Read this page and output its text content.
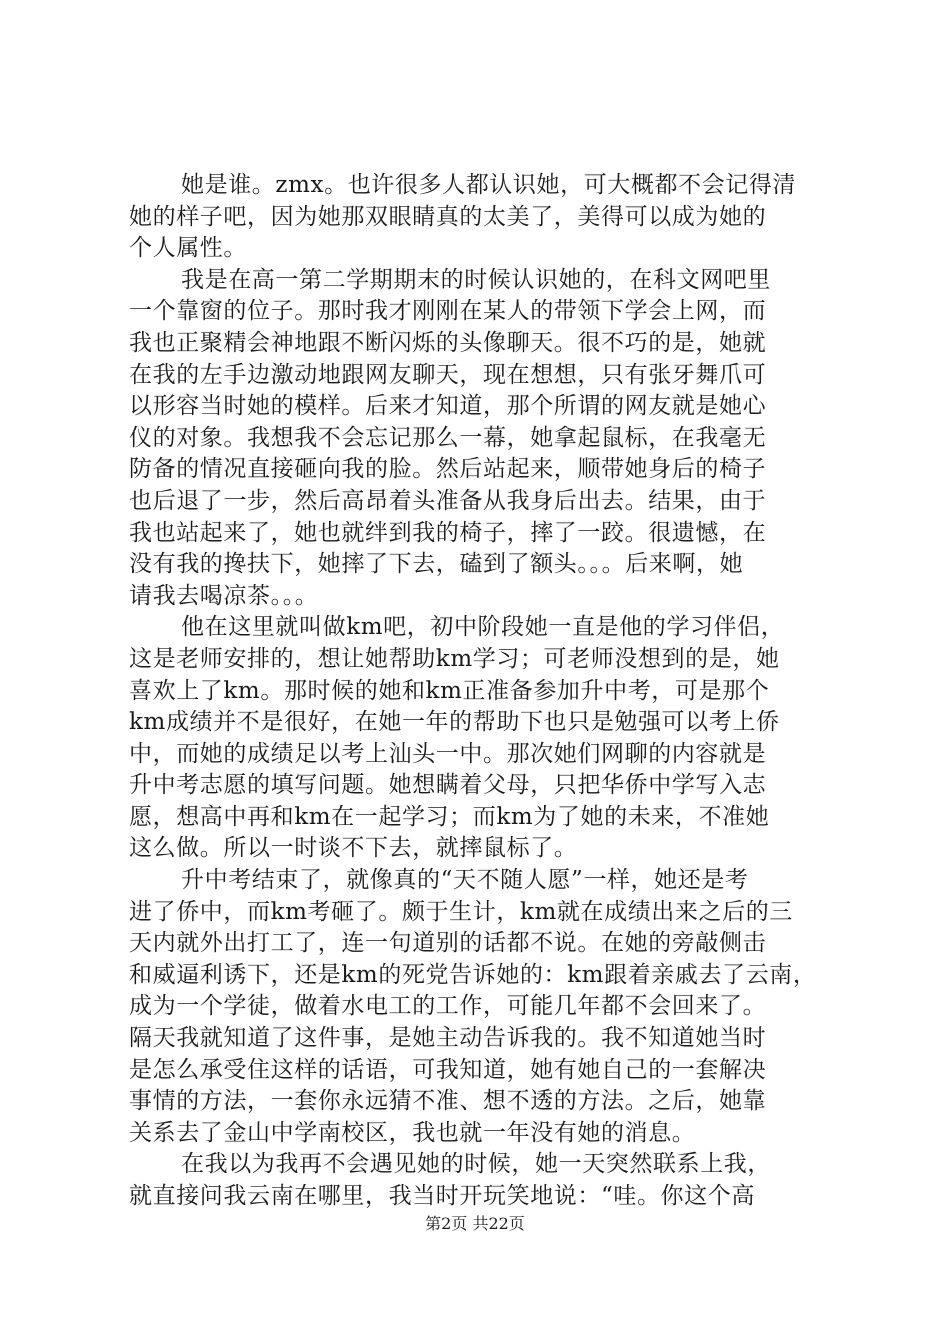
她是谁。zmx。也许很多人都认识她，可大概都不会记得清
她的样子吧，因为她那双眼睛真的太美了，美得可以成为她的
个人属性。
我是在高一第二学期期末的时候认识她的，在科文网吧里
一个靠窗的位子。那时我才刚刚在某人的带领下学会上网，而
我也正聚精会神地跟不断闪烁的头像聊天。很不巧的是，她就
在我的左手边激动地跟网友聊天，现在想想，只有张牙舞爪可
以形容当时她的模样。后来才知道，那个所谓的网友就是她心
仪的对象。我想我不会忘记那么一幕，她拿起鼠标，在我毫无
防备的情况直接砸向我的脸。然后站起来，顺带她身后的椅子
也后退了一步，然后高昂着头准备从我身后出去。结果，由于
我也站起来了，她也就绊到我的椅子，摔了一跤。很遗憾，在
没有我的搀扶下，她摔了下去，磕到了额头。。。后来啊，她
请我去喝凉茶。。。
他在这里就叫做km吧，初中阶段她一直是他的学习伴侣，
这是老师安排的，想让她帮助km学习；可老师没想到的是，她
喜欢上了km。那时候的她和km正准备参加升中考，可是那个
km成绩并不是很好，在她一年的帮助下也只是勉强可以考上侨
中，而她的成绩足以考上汕头一中。那次她们网聊的内容就是
升中考志愿的填写问题。她想瞒着父母，只把华侨中学写入志
愿，想高中再和km在一起学习；而km为了她的未来，不准她
这么做。所以一时谈不下去，就摔鼠标了。
升中考结束了，就像真的“天不随人愿”一样，她还是考
进了侨中，而km考砸了。颇于生计，km就在成绩出来之后的三
天内就外出打工了，连一句道别的话都不说。在她的旁敲侧击
和威逼利诱下，还是km的死党告诉她的：km跟着亲戚去了云南，
成为一个学徒，做着水电工的工作，可能几年都不会回来了。
隔天我就知道了这件事，是她主动告诉我的。我不知道她当时
是怎么承受住这样的话语，可我知道，她有她自己的一套解决
事情的方法，一套你永远猜不准、想不透的方法。之后，她靠
关系去了金山中学南校区，我也就一年没有她的消息。
在我以为我再不会遇见她的时候，她一天突然联系上我，
就直接问我云南在哪里，我当时开玩笑地说：“哇。你这个高
第2页 共22页
